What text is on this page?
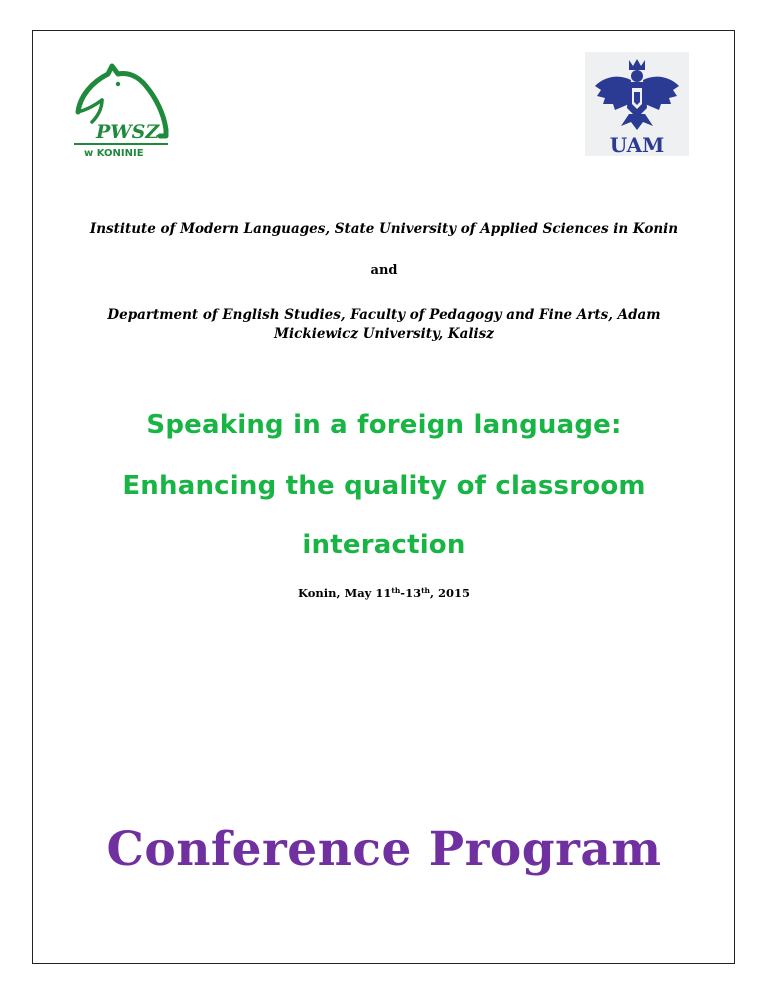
PWSZ
w KONINIE	UAM
Institute of Modern Languages, State University of Applied Sciences in Konin
and
Department of English Studies, Faculty of Pedagogy and Fine Arts, Adam
Mickiewicz University, Kalisz
Speaking in a foreign language:
Enhancing the quality of classroom
interaction
Konin, May 11th-13th, 2015
Conference Program
